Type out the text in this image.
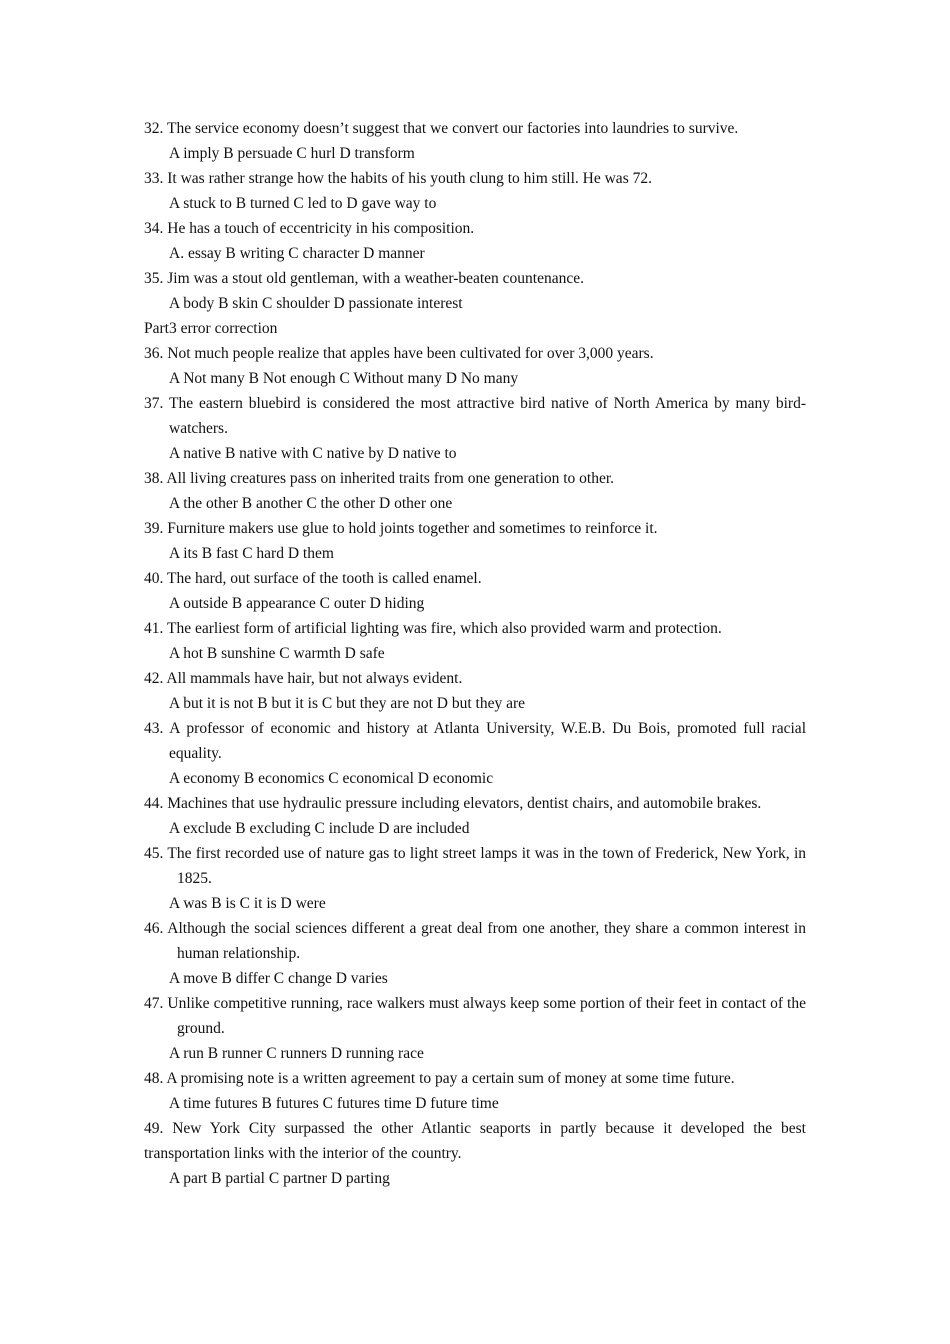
32. The service economy doesn’t suggest that we convert our factories into laundries to survive.
A imply B persuade C hurl D transform
33. It was rather strange how the habits of his youth clung to him still. He was 72.
A stuck to B turned C led to D gave way to
34. He has a touch of eccentricity in his composition.
A. essay B writing C character D manner
35. Jim was a stout old gentleman, with a weather-beaten countenance.
A body B skin C shoulder D passionate interest
Part3 error correction
36. Not much people realize that apples have been cultivated for over 3,000 years.
A Not many B Not enough C Without many D No many
37. The eastern bluebird is considered the most attractive bird native of North America by many bird-watchers.
A native B native with C native by D native to
38. All living creatures pass on inherited traits from one generation to other.
A the other B another C the other D other one
39. Furniture makers use glue to hold joints together and sometimes to reinforce it.
A its B fast C hard D them
40. The hard, out surface of the tooth is called enamel.
A outside B appearance C outer D hiding
41. The earliest form of artificial lighting was fire, which also provided warm and protection.
A hot B sunshine C warmth D safe
42. All mammals have hair, but not always evident.
A but it is not B but it is C but they are not D but they are
43. A professor of economic and history at Atlanta University, W.E.B. Du Bois, promoted full racial equality.
A economy B economics C economical D economic
44. Machines that use hydraulic pressure including elevators, dentist chairs, and automobile brakes.
A exclude B excluding C include D are included
45. The first recorded use of nature gas to light street lamps it was in the town of Frederick, New York, in 1825.
A was B is C it is D were
46. Although the social sciences different a great deal from one another, they share a common interest in human relationship.
A move B differ C change D varies
47. Unlike competitive running, race walkers must always keep some portion of their feet in contact of the ground.
A run B runner C runners D running race
48. A promising note is a written agreement to pay a certain sum of money at some time future.
A time futures B futures C futures time D future time
49. New York City surpassed the other Atlantic seaports in partly because it developed the best transportation links with the interior of the country.
A part B partial C partner D parting
